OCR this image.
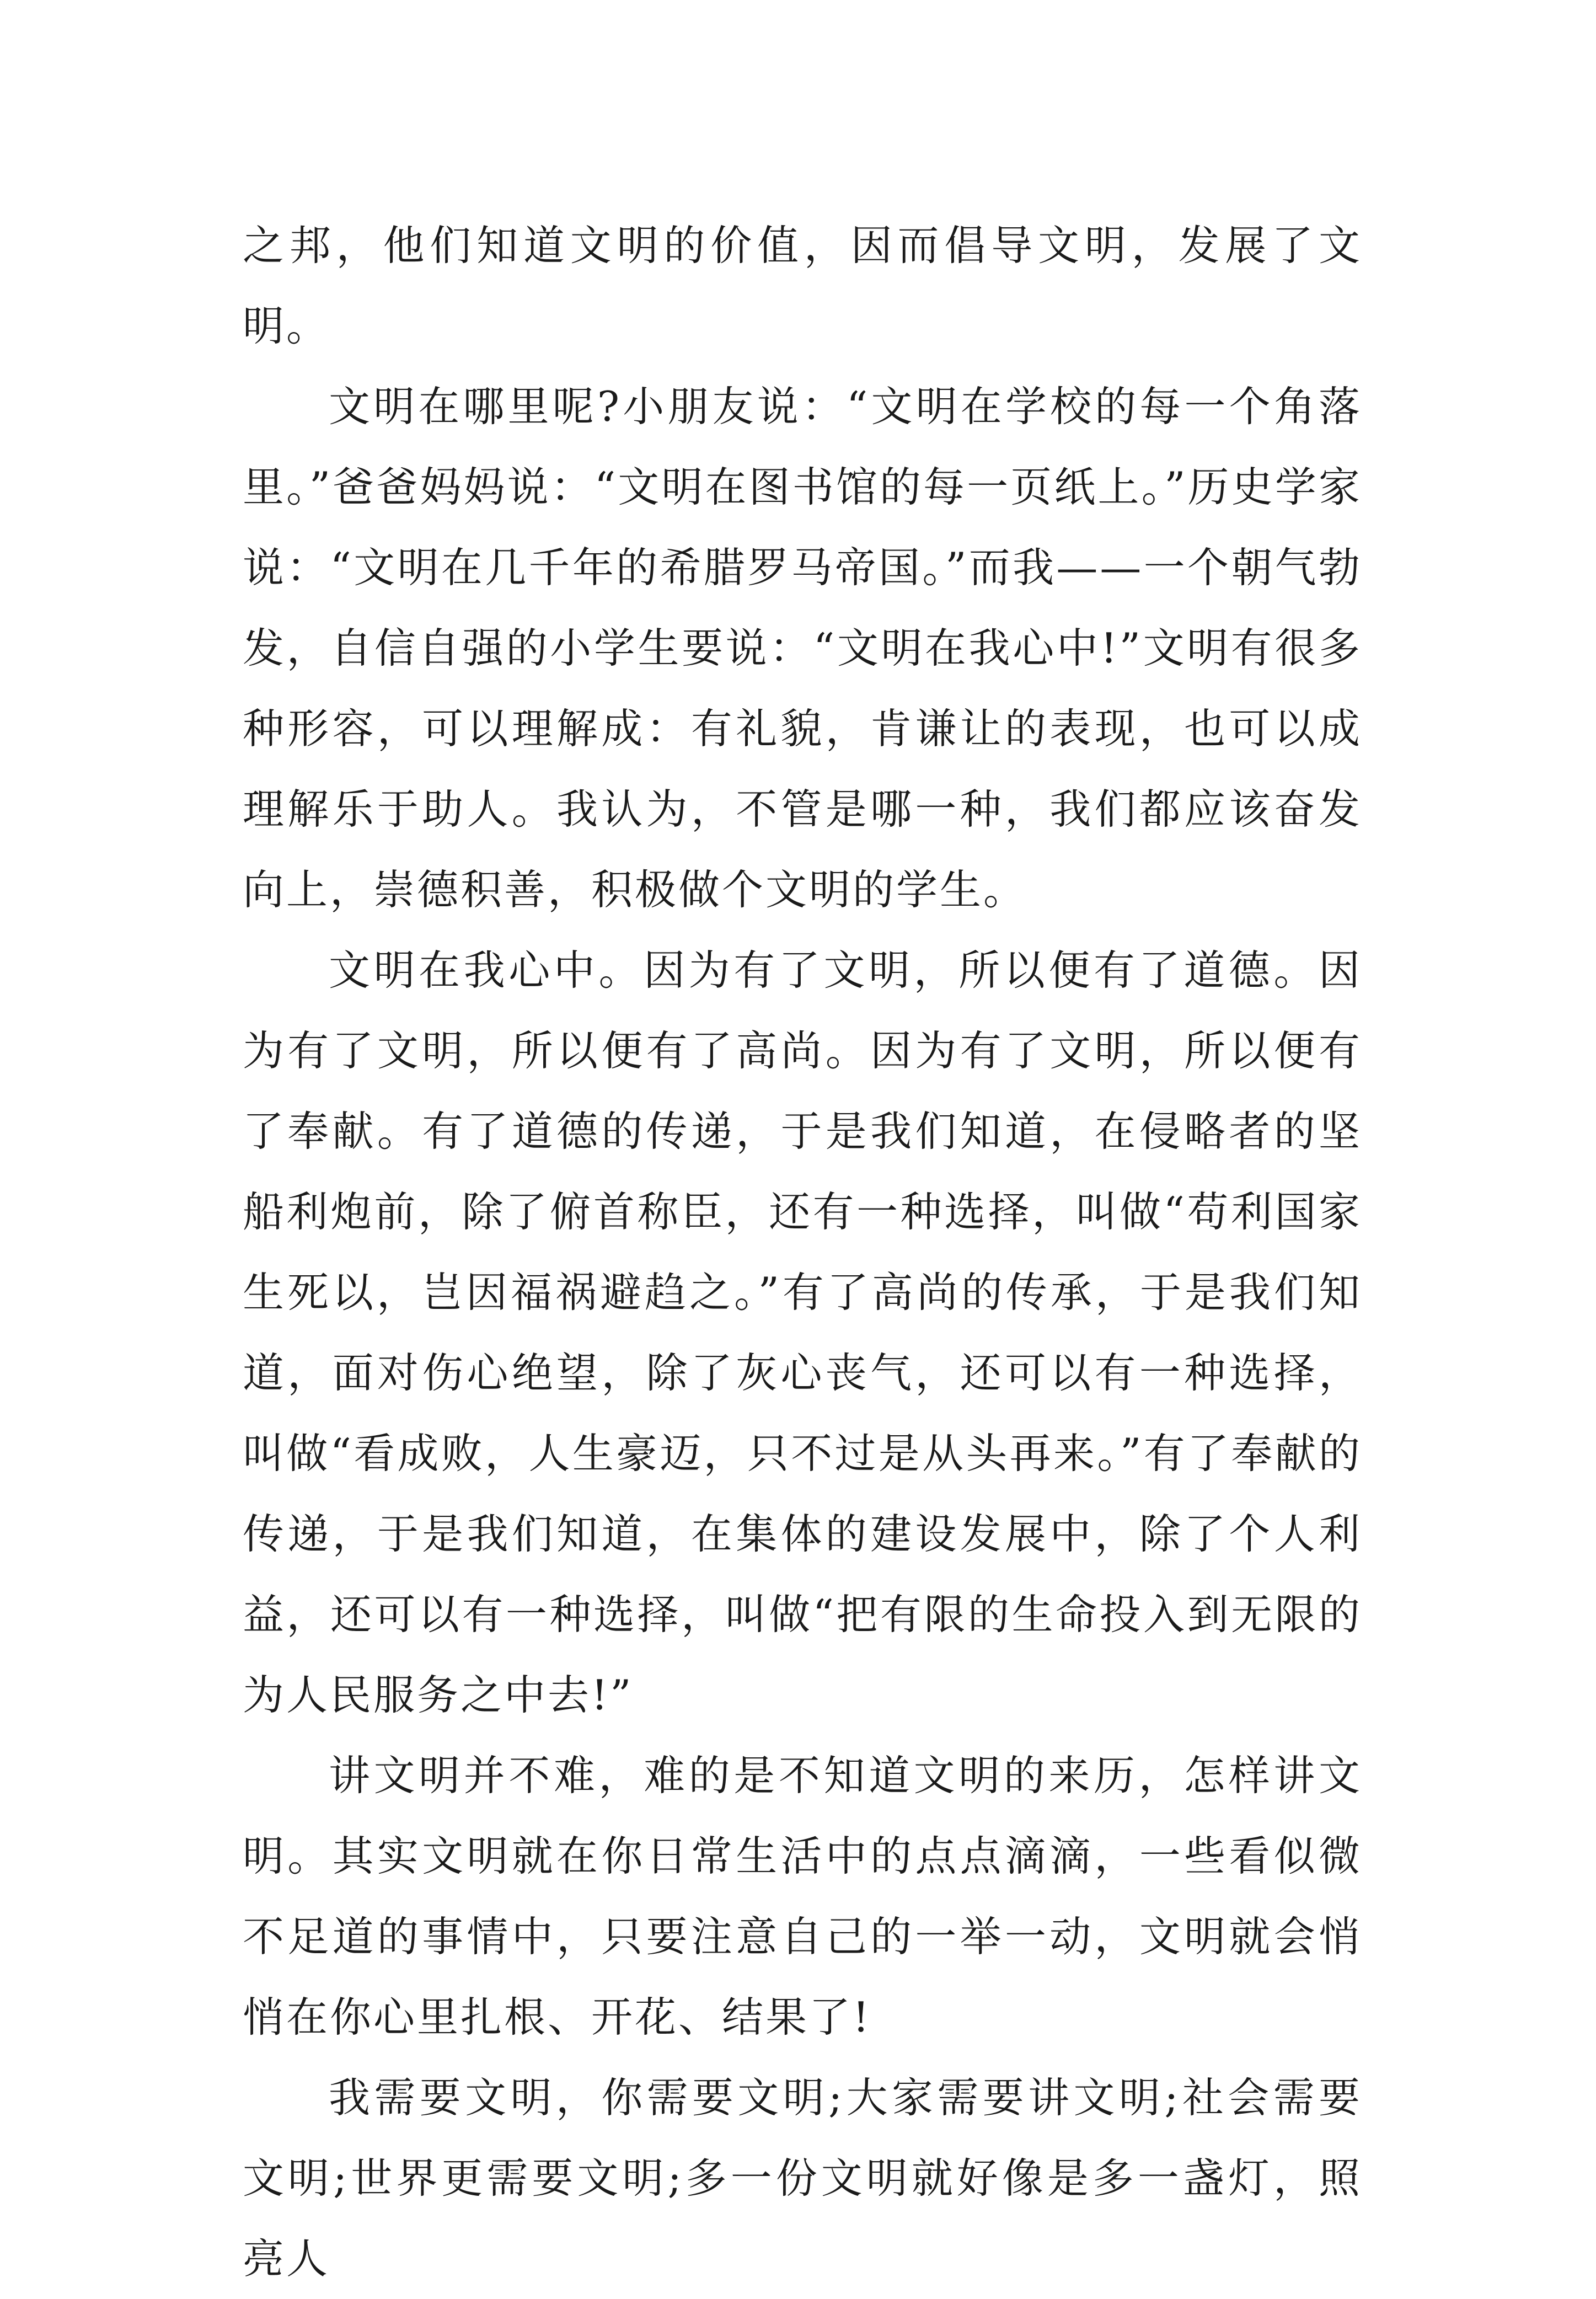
之邦，他们知道文明的价值，因而倡导文明，发展了文明。

文明在哪里呢?小朋友说：“文明在学校的每一个角落里。”爸爸妈妈说：“文明在图书馆的每一页纸上。”历史学家说：“文明在几千年的希腊罗马帝国。”而我——一个朝气勃发，自信自强的小学生要说：“文明在我心中!”文明有很多种形容，可以理解成：有礼貌，肯谦让的表现，也可以成理解乐于助人。我认为，不管是哪一种，我们都应该奋发向上，崇德积善，积极做个文明的学生。

文明在我心中。因为有了文明，所以便有了道德。因为有了文明，所以便有了高尚。因为有了文明，所以便有了奉献。有了道德的传递，于是我们知道，在侵略者的坚船利炮前，除了俯首称臣，还有一种选择，叫做“苟利国家生死以，岂因福祸避趋之。”有了高尚的传承，于是我们知道，面对伤心绝望，除了灰心丧气，还可以有一种选择，叫做“看成败，人生豪迈，只不过是从头再来。”有了奉献的传递，于是我们知道，在集体的建设发展中，除了个人利益，还可以有一种选择，叫做“把有限的生命投入到无限的为人民服务之中去!”

讲文明并不难，难的是不知道文明的来历，怎样讲文明。其实文明就在你日常生活中的点点滴滴，一些看似微不足道的事情中，只要注意自己的一举一动，文明就会悄悄在你心里扎根、开花、结果了!

我需要文明，你需要文明;大家需要讲文明;社会需要文明;世界更需要文明;多一份文明就好像是多一盏灯，照亮人
